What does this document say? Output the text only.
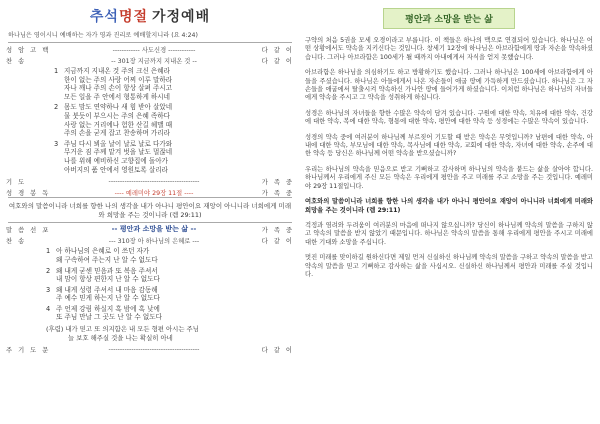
추석명절 가정예배
하나님은 영이시니 예배하는 자가 영과 진리로 예배할지니라 (요 4:24)
성 암 고 백	------------ 사도신경 ------------	다 같 이
찬 송	-- 301장 지금까지 지내온 것 --	다 같 이
1 지금까지 지내온 것 주의 크신 은혜라
한이 없는 주의 사랑 어찌 이루 말하라
자나 깨나 주의 손이 항상 살펴 주시고
모든 일을 주 안에서 형통하게 하시네
2 몸도 맘도 연약하나 새 힘 받아 살았네
물 붓듯이 부으시는 주의 은혜 족하다
사랑 없는 거리에나 험한 산길 헤맬 때
주의 손을 굳게 잡고 찬송하며 가리라
3 주님 다시 뵈올 날이 날로 날로 다가와
무거운 짐 주께 맡겨 벗을 날도 멀잖네
나를 위해 예비하신 고향집에 돌아가
아버지의 품 안에서 영원토록 살리라
기 도	----------------------------------------	가 족 중
성 경 봉 독	---- 예레미야 29장 11절 ----	가 족 중
여호와의 말씀이니라 너희를 향한 나의 생각을 내가 아나니 평안이요 재앙이 아니니라 너희에게 미래와 희망을 주는 것이니라 (렘 29:11)
말 씀 선 포	-- 평안과 소망을 받는 삶 --	가 족 중
찬 송	--- 310장 아 하나님의 은혜로 ---	다 같 이
1 아 하나님의 은혜로 이 쓰던 자가
왜 구속하여 주는지 난 알 수 없도다
2 왜 내게 굳센 믿음과 또 복음 주셔서
내 맘이 항상 편한지 난 알 수 없도다
3 왜 내게 성령 주셔서 내 마음 감동해
주 예수 믿게 하는지 난 알 수 없도다
4 주 언제 강림 하실지 혹 밤에 혹 낮에
또 주님 만날 그 곳도 난 알 수 없도다
(후렴) 내가 믿고 또 의지함은 내 모든 형편 아시는 주님
늘 보호 해주실 것을 나는 확실히 아네
주 기 도 문	----------------------------------------	다 같 이
평안과 소망을 받는 삶
구약의 처음 5권을 모세 오경이라고 부릅니다. 이 책들은 하나의 맥으로 연결되어 있습니다. 하나님은 어떤 상황에서도 약속을 지키신다는 것입니다. 창세기 12장에 하나님은 아브라함에게 땅과 자손을 약속하셨습니다. 그러나 아브라함은 100세가 될 때까지 아내에게서 자식을 얻지 못했습니다.
아브라함은 하나님을 의심하기도 하고 방황하기도 했습니다. 그러나 하나님은 100세에 아브라함에게 아들을 주셨습니다. 하나님은 아들에게서 나온 자손들이 애굽 땅에 가득하게 만드셨습니다. 하나님은 그 자손들을 애굽에서 탈출시켜 약속하신 가나안 땅에 들어가게 하셨습니다. 이처럼 하나님은 하나님의 자녀들에게 약속을 주시고 그 약속을 성취하게 하십니다.
성경은 하나님의 자녀들을 향한 수많은 약속이 담겨 있습니다. 구원에 대한 약속, 치유에 대한 약속, 건강에 대한 약속, 복에 대한 약속, 형통에 대한 약속, 평안에 대한 약속 등 성경에는 수많은 약속이 있습니다.
성경의 약속 중에 여러분이 하나님께 부르짖어 기도할 때 받은 약속은 무엇입니까? 남편에 대한 약속, 아내에 대한 약속, 부모님에 대한 약속, 목사님에 대한 약속, 교회에 대한 약속, 자녀에 대한 약속, 손주에 대한 약속 등 당신은 하나님께 어떤 약속을 받으셨습니까?
우리는 하나님의 약속을 믿음으로 받고 기뻐하고 감사하며 하나님의 약속을 붙드는 삶을 살아야 합니다. 하나님께서 우리에게 주신 모든 약속은 우리에게 평안을 주고 미래를 주고 소망을 주는 것입니다. 예레미야 29장 11절입니다.
여호와의 말씀이니라 너희를 향한 나의 생각을 내가 아나니 평안이요 재앙이 아니니라 너희에게 미래와 희망을 주는 것이니라 (렘 29:11)
걱정과 염려와 두려움이 여러분의 마음에 떠나지 않으십니까? 당신이 하나님께 약속의 말씀을 구하지 않고 약속의 말씀을 받지 않았기 때문입니다. 하나님은 약속의 말씀을 통해 우리에게 평안을 주시고 미래에 대한 기대와 소망을 주십니다.
멋진 미래를 맞이하길 원하신다면 제일 먼저 신실하신 하나님께 약속의 말씀을 구하고 약속의 말씀을 받고 약속의 말씀을 믿고 기뻐하고 감사하는 삶을 사십시오. 신실하신 하나님께서 평안과 미래를 주실 것입니다.
